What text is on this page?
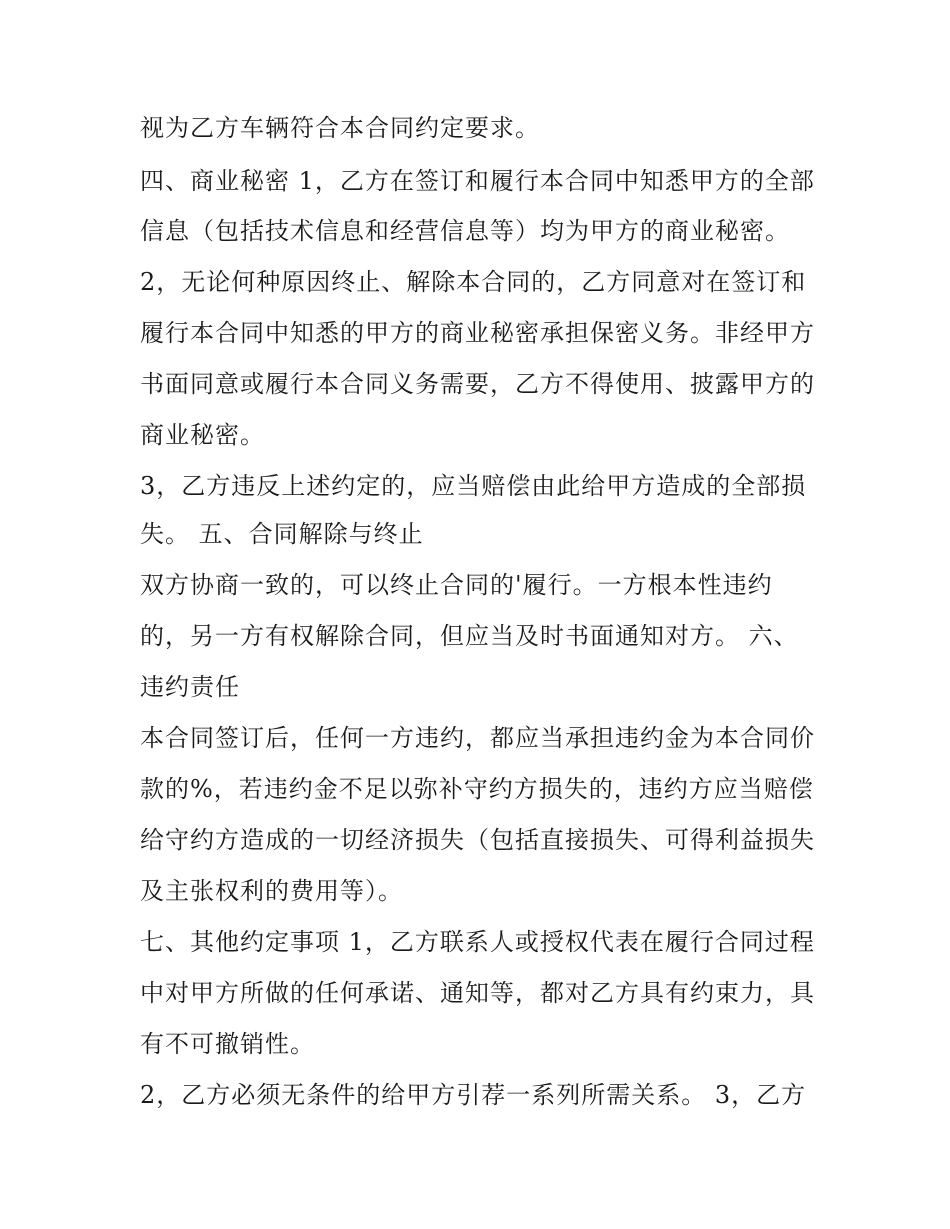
视为乙方车辆符合本合同约定要求。
四、商业秘密 1，乙方在签订和履行本合同中知悉甲方的全部
信息（包括技术信息和经营信息等）均为甲方的商业秘密。
2，无论何种原因终止、解除本合同的，乙方同意对在签订和
履行本合同中知悉的甲方的商业秘密承担保密义务。非经甲方
书面同意或履行本合同义务需要，乙方不得使用、披露甲方的
商业秘密。
3，乙方违反上述约定的，应当赔偿由此给甲方造成的全部损
失。 五、合同解除与终止
双方协商一致的，可以终止合同的'履行。一方根本性违约
的，另一方有权解除合同，但应当及时书面通知对方。 六、
违约责任
本合同签订后，任何一方违约，都应当承担违约金为本合同价
款的%，若违约金不足以弥补守约方损失的，违约方应当赔偿
给守约方造成的一切经济损失（包括直接损失、可得利益损失
及主张权利的费用等）。
七、其他约定事项 1，乙方联系人或授权代表在履行合同过程
中对甲方所做的任何承诺、通知等，都对乙方具有约束力，具
有不可撤销性。
2，乙方必须无条件的给甲方引荐一系列所需关系。 3，乙方
